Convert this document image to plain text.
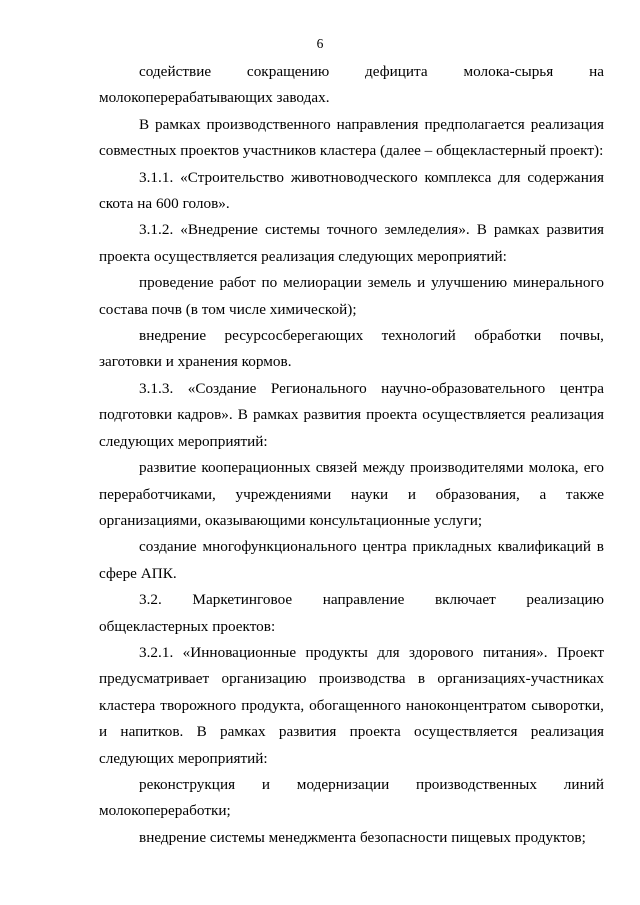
6

содействие сокращению дефицита молока-сырья на молокоперерабатывающих заводах.

В рамках производственного направления предполагается реализация совместных проектов участников кластера (далее – общекластерный проект):

3.1.1. «Строительство животноводческого комплекса для содержания скота на 600 голов».

3.1.2. «Внедрение системы точного земледелия». В рамках развития проекта осуществляется реализация следующих мероприятий:

проведение работ по мелиорации земель и улучшению минерального состава почв (в том числе химической);

внедрение ресурсосберегающих технологий обработки почвы, заготовки и хранения кормов.

3.1.3. «Создание Регионального научно-образовательного центра подготовки кадров». В рамках развития проекта осуществляется реализация следующих мероприятий:

развитие кооперационных связей между производителями молока, его переработчиками, учреждениями науки и образования, а также организациями, оказывающими консультационные услуги;

создание многофункционального центра прикладных квалификаций в сфере АПК.

3.2. Маркетинговое направление включает реализацию общекластерных проектов:

3.2.1. «Инновационные продукты для здорового питания». Проект предусматривает организацию производства в организациях-участниках кластера творожного продукта, обогащенного наноконцентратом сыворотки, и напитков. В рамках развития проекта осуществляется реализация следующих мероприятий:

реконструкция и модернизации производственных линий молокопереработки;

внедрение системы менеджмента безопасности пищевых продуктов;
